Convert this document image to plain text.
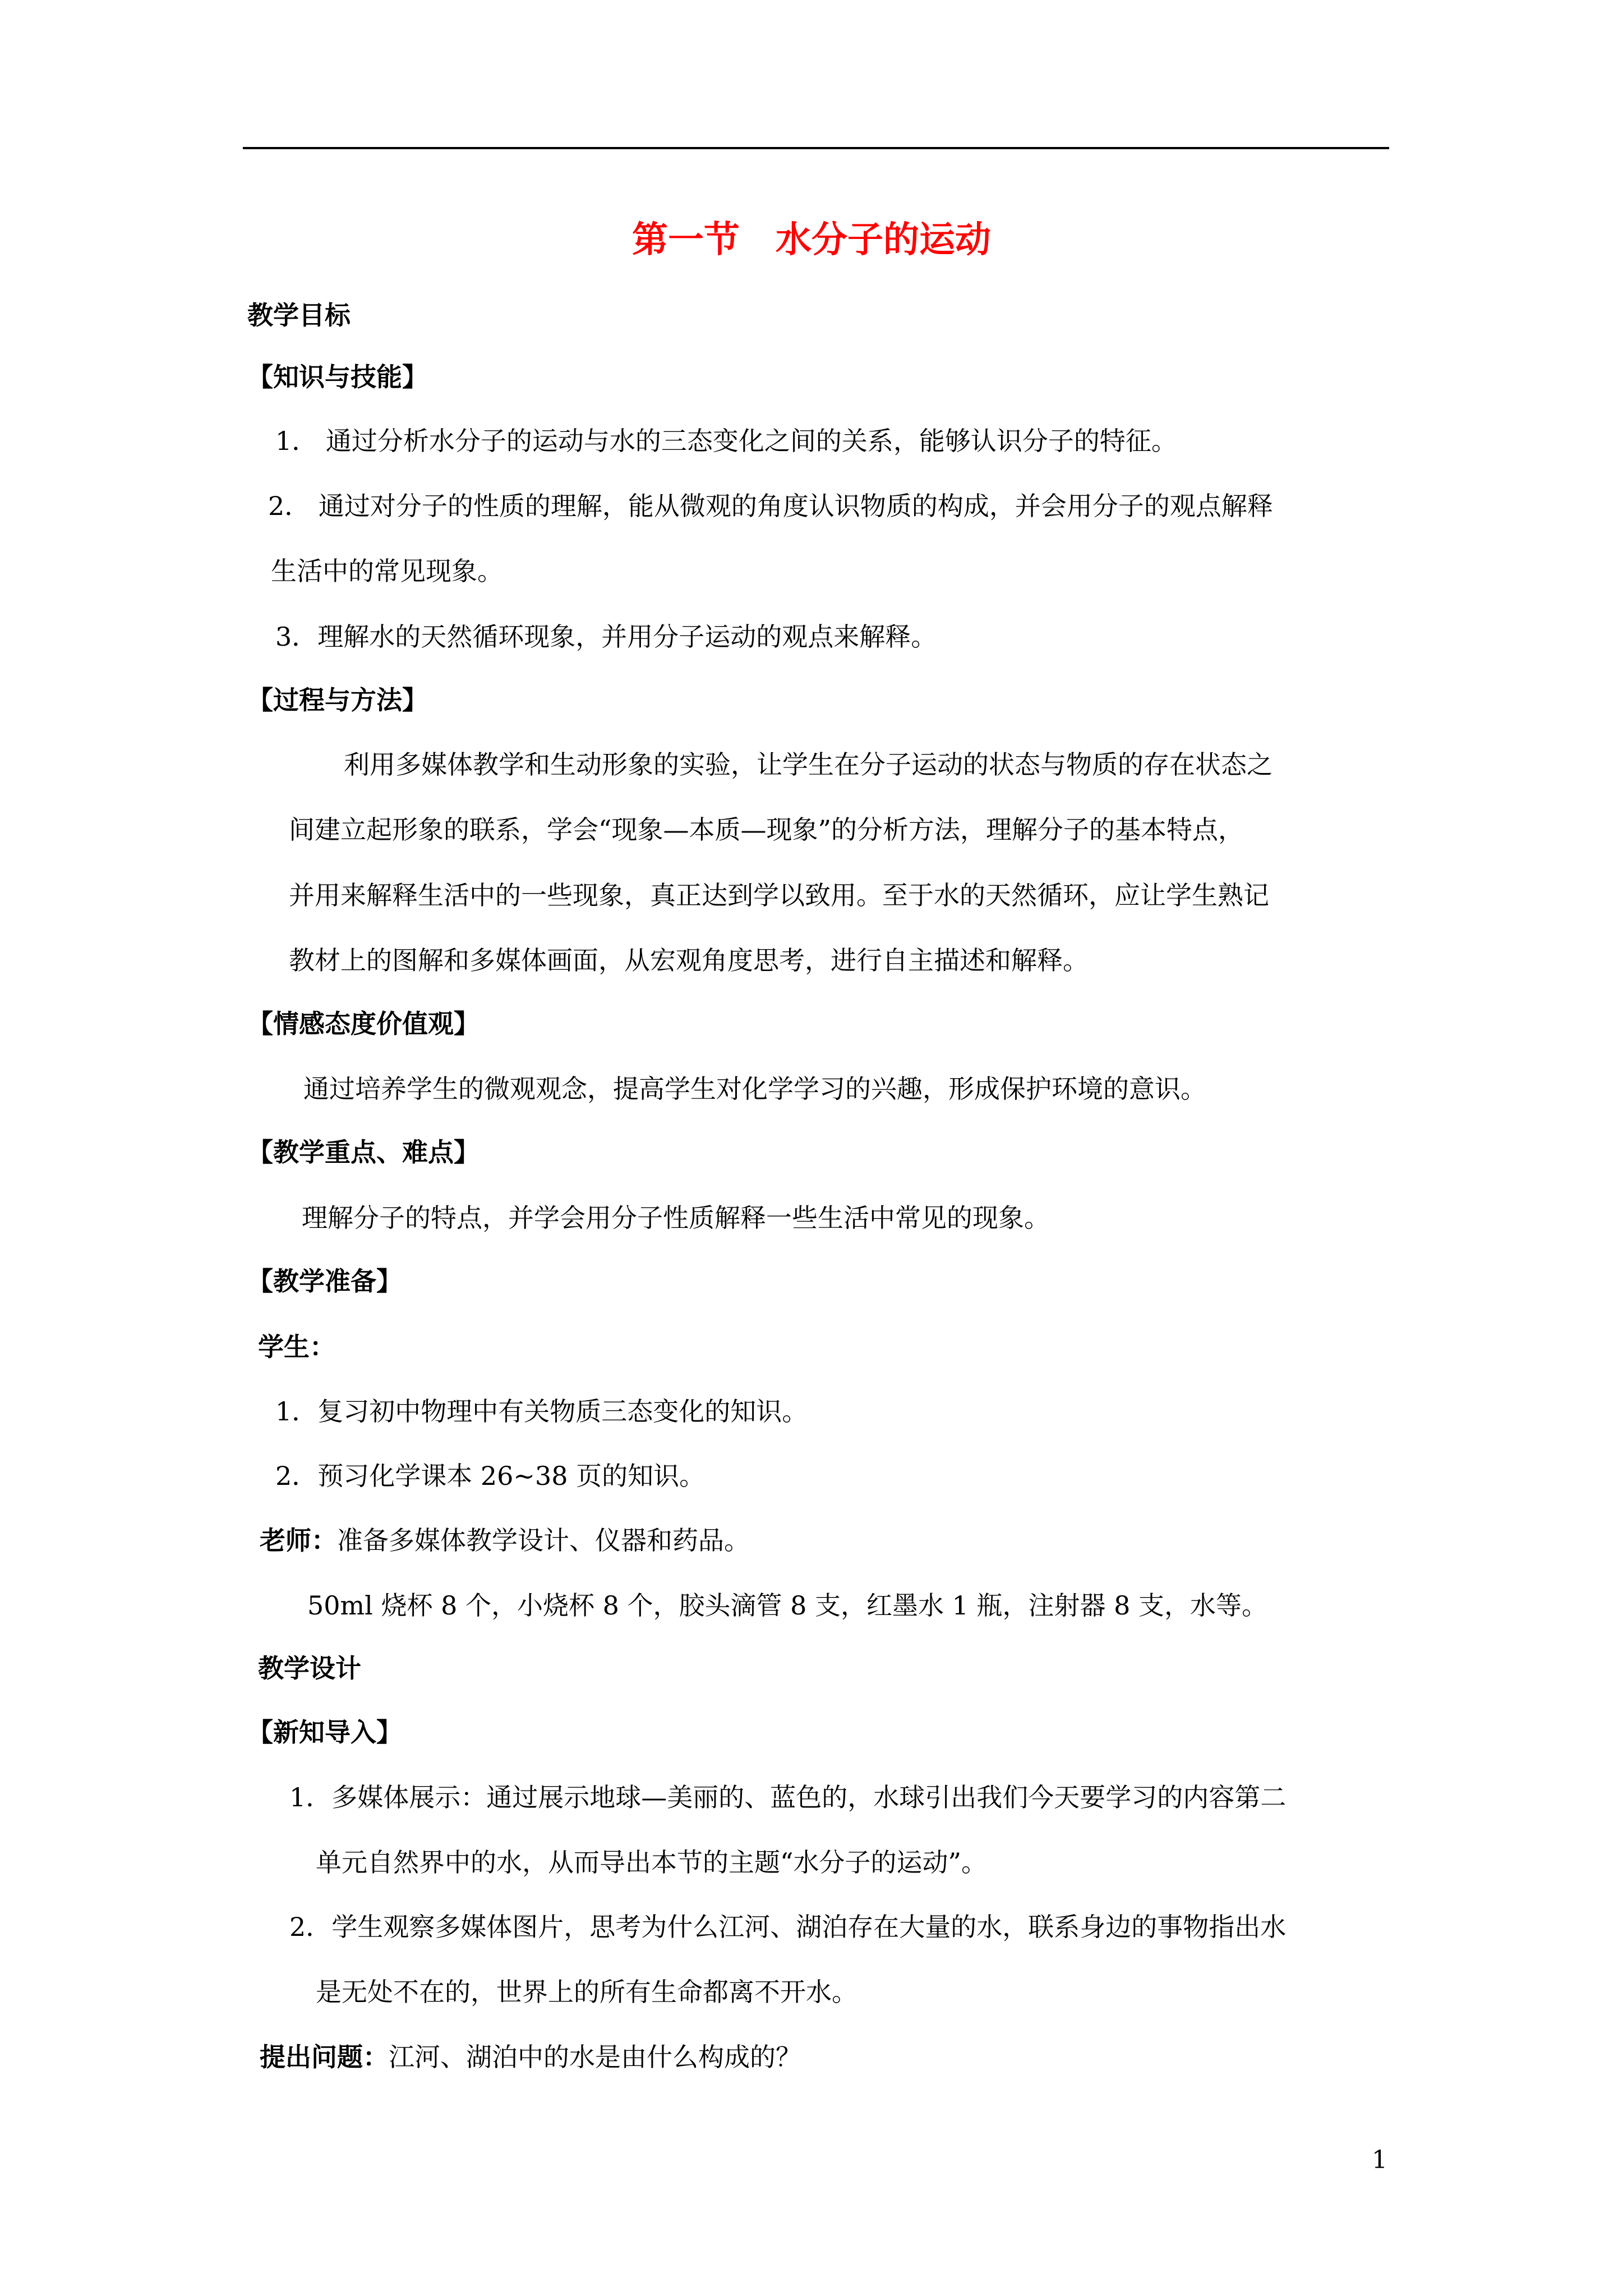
第一节　水分子的运动

教学目标

【知识与技能】

1． 通过分析水分子的运动与水的三态变化之间的关系，能够认识分子的特征。

2． 通过对分子的性质的理解，能从微观的角度认识物质的构成，并会用分子的观点解释

生活中的常见现象。

3．理解水的天然循环现象，并用分子运动的观点来解释。

【过程与方法】

利用多媒体教学和生动形象的实验，让学生在分子运动的状态与物质的存在状态之

间建立起形象的联系，学会“现象—本质—现象”的分析方法，理解分子的基本特点，

并用来解释生活中的一些现象，真正达到学以致用。至于水的天然循环，应让学生熟记

教材上的图解和多媒体画面，从宏观角度思考，进行自主描述和解释。

【情感态度价值观】

通过培养学生的微观观念，提高学生对化学学习的兴趣，形成保护环境的意识。

【教学重点、难点】

理解分子的特点，并学会用分子性质解释一些生活中常见的现象。

【教学准备】

学生：

1．复习初中物理中有关物质三态变化的知识。

2．预习化学课本 26~38 页的知识。

老师：准备多媒体教学设计、仪器和药品。

50ml 烧杯 8 个，小烧杯 8 个，胶头滴管 8 支，红墨水 1 瓶，注射器 8 支，水等。

教学设计

【新知导入】

1．多媒体展示：通过展示地球—美丽的、蓝色的，水球引出我们今天要学习的内容第二

单元自然界中的水，从而导出本节的主题“水分子的运动”。

2．学生观察多媒体图片，思考为什么江河、湖泊存在大量的水，联系身边的事物指出水

是无处不在的，世界上的所有生命都离不开水。

提出问题：江河、湖泊中的水是由什么构成的？

1
